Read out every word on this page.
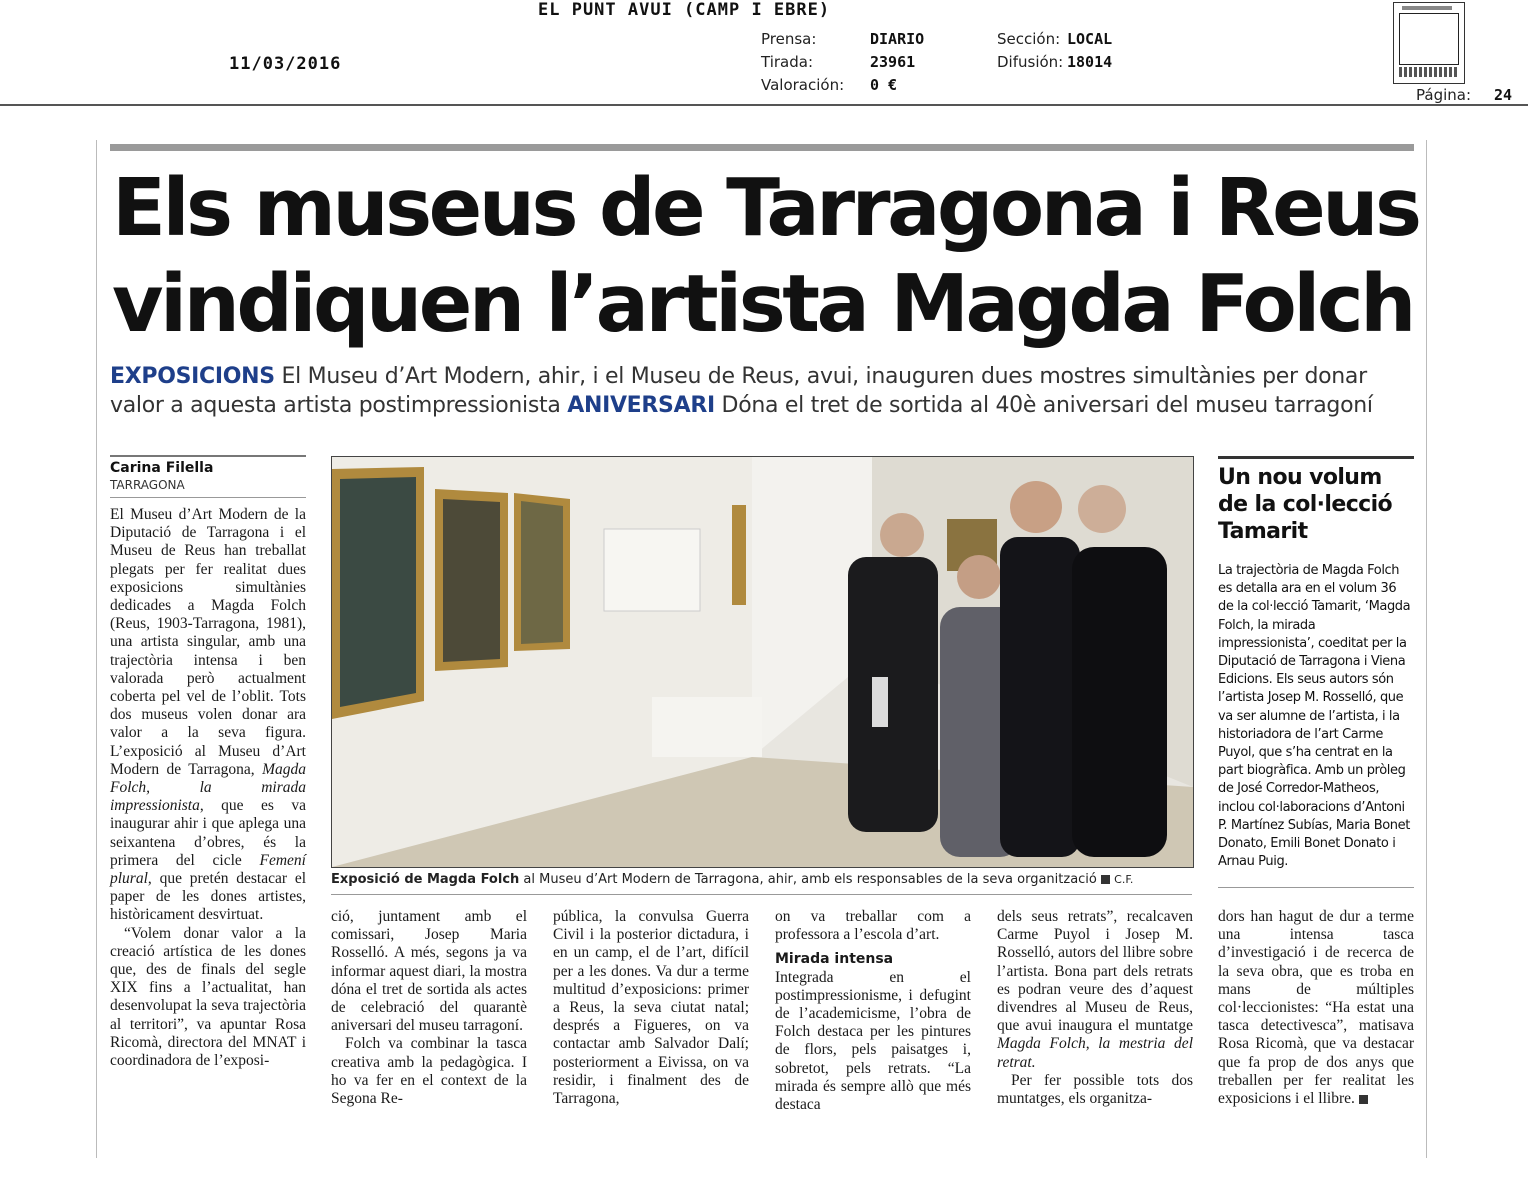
EL PUNT AVUI (CAMP I EBRE)
11/03/2016
Prensa:	DIARIO
Tirada:	23961
Valoración: 0 €
Sección: LOCAL
Difusión: 18014
Página: 24
Els museus de Tarragona i Reus
vindiquen l’artista Magda Folch
EXPOSICIONS El Museu d’Art Modern, ahir, i el Museu de Reus, avui, inauguren dues mostres simultànies per donar valor a aquesta artista postimpressionista ANIVERSARI Dóna el tret de sortida al 40è aniversari del museu tarragoní
Carina Filella
TARRAGONA

El Museu d’Art Modern de la Diputació de Tarragona i el Museu de Reus han treballat plegats per fer realitat dues exposicions simultànies dedicades a Magda Folch (Reus, 1903-Tarragona, 1981), una artista singular, amb una trajectòria intensa i ben valorada però actualment coberta pel vel de l’oblit. Tots dos museus volen donar ara valor a la seva figura. L’exposició al Museu d’Art Modern de Tarragona, Magda Folch, la mirada impressionista, que es va inaugurar ahir i que aplega una seixantena d’obres, és la primera del cicle Femení plural, que pretén destacar el paper de les dones artistes, històricament desvirtuat.

“Volem donar valor a la creació artística de les dones que, des de finals del segle XIX fins a l’actualitat, han desenvolupat la seva trajectòria al territori”, va apuntar Rosa Ricomà, directora del MNAT i coordinadora de l’exposi-

Exposició de Magda Folch al Museu d’Art Modern de Tarragona, ahir, amb els responsables de la seva organització  C.F.

ció, juntament amb el comissari, Josep Maria Rosselló. A més, segons ja va informar aquest diari, la mostra dóna el tret de sortida als actes de celebració del quarantè aniversari del museu tarragoní.

Folch va combinar la tasca creativa amb la pedagògica. I ho va fer en el context de la Segona Re-

pública, la convulsa Guerra Civil i la posterior dictadura, i en un camp, el de l’art, difícil per a les dones. Va dur a terme multitud d’exposicions: primer a Reus, la seva ciutat natal; després a Figueres, on va contactar amb Salvador Dalí; posteriorment a Eivissa, on va residir, i finalment des de Tarragona,

on va treballar com a professora a l’escola d’art.

Mirada intensa

Integrada en el postimpressionisme, i defugint de l’academicisme, l’obra de Folch destaca per les pintures de flors, pels paisatges i, sobretot, pels retrats. “La mirada és sempre allò que més destaca

dels seus retrats”, recalcaven Carme Puyol i Josep M. Rosselló, autors del llibre sobre l’artista. Bona part dels retrats es podran veure des d’aquest divendres al Museu de Reus, que avui inaugura el muntatge Magda Folch, la mestria del retrat.

Per fer possible tots dos muntatges, els organitza-

dors han hagut de dur a terme una intensa tasca d’investigació i de recerca de la seva obra, que es troba en mans de múltiples col·leccionistes: “Ha estat una tasca detectivesca”, matisava Rosa Ricomà, que va destacar que fa prop de dos anys que treballen per fer realitat les exposicions i el llibre.

Un nou volum de la col·lecció Tamarit
La trajectòria de Magda Folch es detalla ara en el volum 36 de la col·lecció Tamarit, ‘Magda Folch, la mirada impressionista’, coeditat per la Diputació de Tarragona i Viena Edicions. Els seus autors són l’artista Josep M. Rosselló, que va ser alumne de l’artista, i la historiadora de l’art Carme Puyol, que s’ha centrat en la part biogràfica. Amb un pròleg de José Corredor-Matheos, inclou col·laboracions d’Antoni P. Martínez Subías, Maria Bonet Donato, Emili Bonet Donato i Arnau Puig.
